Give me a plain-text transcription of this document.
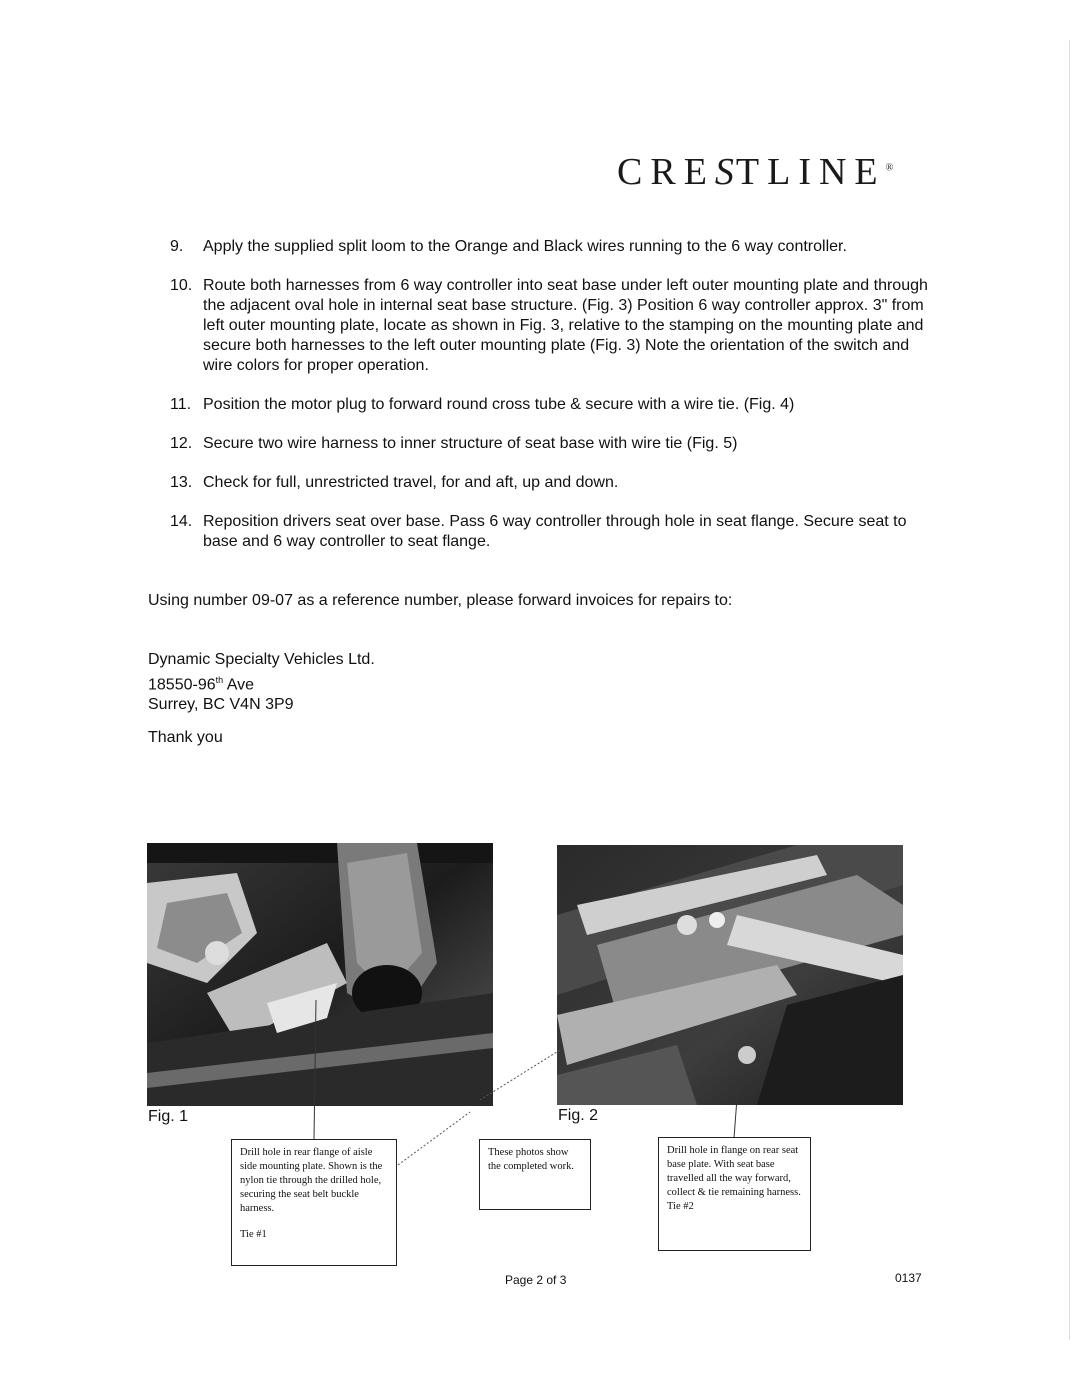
CRESTLINE®
9.	Apply the supplied split loom to the Orange and Black wires running to the 6 way controller.
10. Route both harnesses from 6 way controller into seat base under left outer mounting plate and through the adjacent oval hole in internal seat base structure. (Fig. 3) Position 6 way controller approx. 3" from left outer mounting plate, locate as shown in Fig. 3, relative to the stamping on the mounting plate and secure both harnesses to the left outer mounting plate (Fig. 3) Note the orientation of the switch and wire colors for proper operation.
11. Position the motor plug to forward round cross tube & secure with a wire tie. (Fig. 4)
12. Secure two wire harness to inner structure of seat base with wire tie (Fig. 5)
13. Check for full, unrestricted travel, for and aft, up and down.
14. Reposition drivers seat over base. Pass 6 way controller through hole in seat flange. Secure seat to base and 6 way controller to seat flange.
Using number 09-07 as a reference number, please forward invoices for repairs to:
Dynamic Specialty Vehicles Ltd.
18550-96th Ave
Surrey, BC V4N 3P9
Thank you
Fig. 1	Fig. 2
Drill hole in rear flange of aisle side mounting plate. Shown is the nylon tie through the drilled hole, securing the seat belt buckle harness.
Tie #1
These photos show the completed work.
Drill hole in flange on rear seat base plate. With seat base travelled all the way forward, collect & tie remaining harness.
Tie #2
Page 2 of 3	0137
